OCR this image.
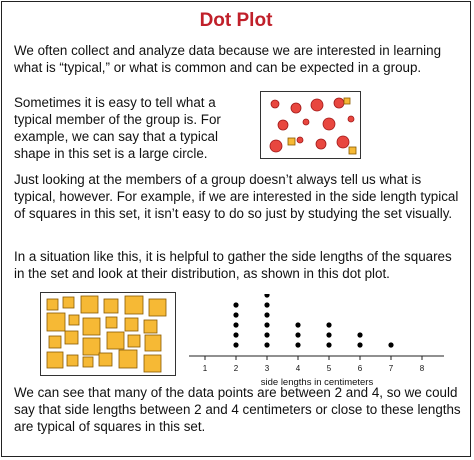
Dot Plot

We often collect and analyze data because we are interested in learning what is “typical,” or what is common and can be expected in a group.

Sometimes it is easy to tell what a typical member of the group is. For example, we can say that a typical shape in this set is a large circle.

Just looking at the members of a group doesn’t always tell us what is typical, however. For example, if we are interested in the side length typical of squares in this set, it isn’t easy to do so just by studying the set visually.

In a situation like this, it is helpful to gather the side lengths of the squares in the set and look at their distribution, as shown in this dot plot.

1	2	3	4	5	6	7	8
side lengths in centimeters

We can see that many of the data points are between 2 and 4, so we could say that side lengths between 2 and 4 centimeters or close to these lengths are typical of squares in this set.
